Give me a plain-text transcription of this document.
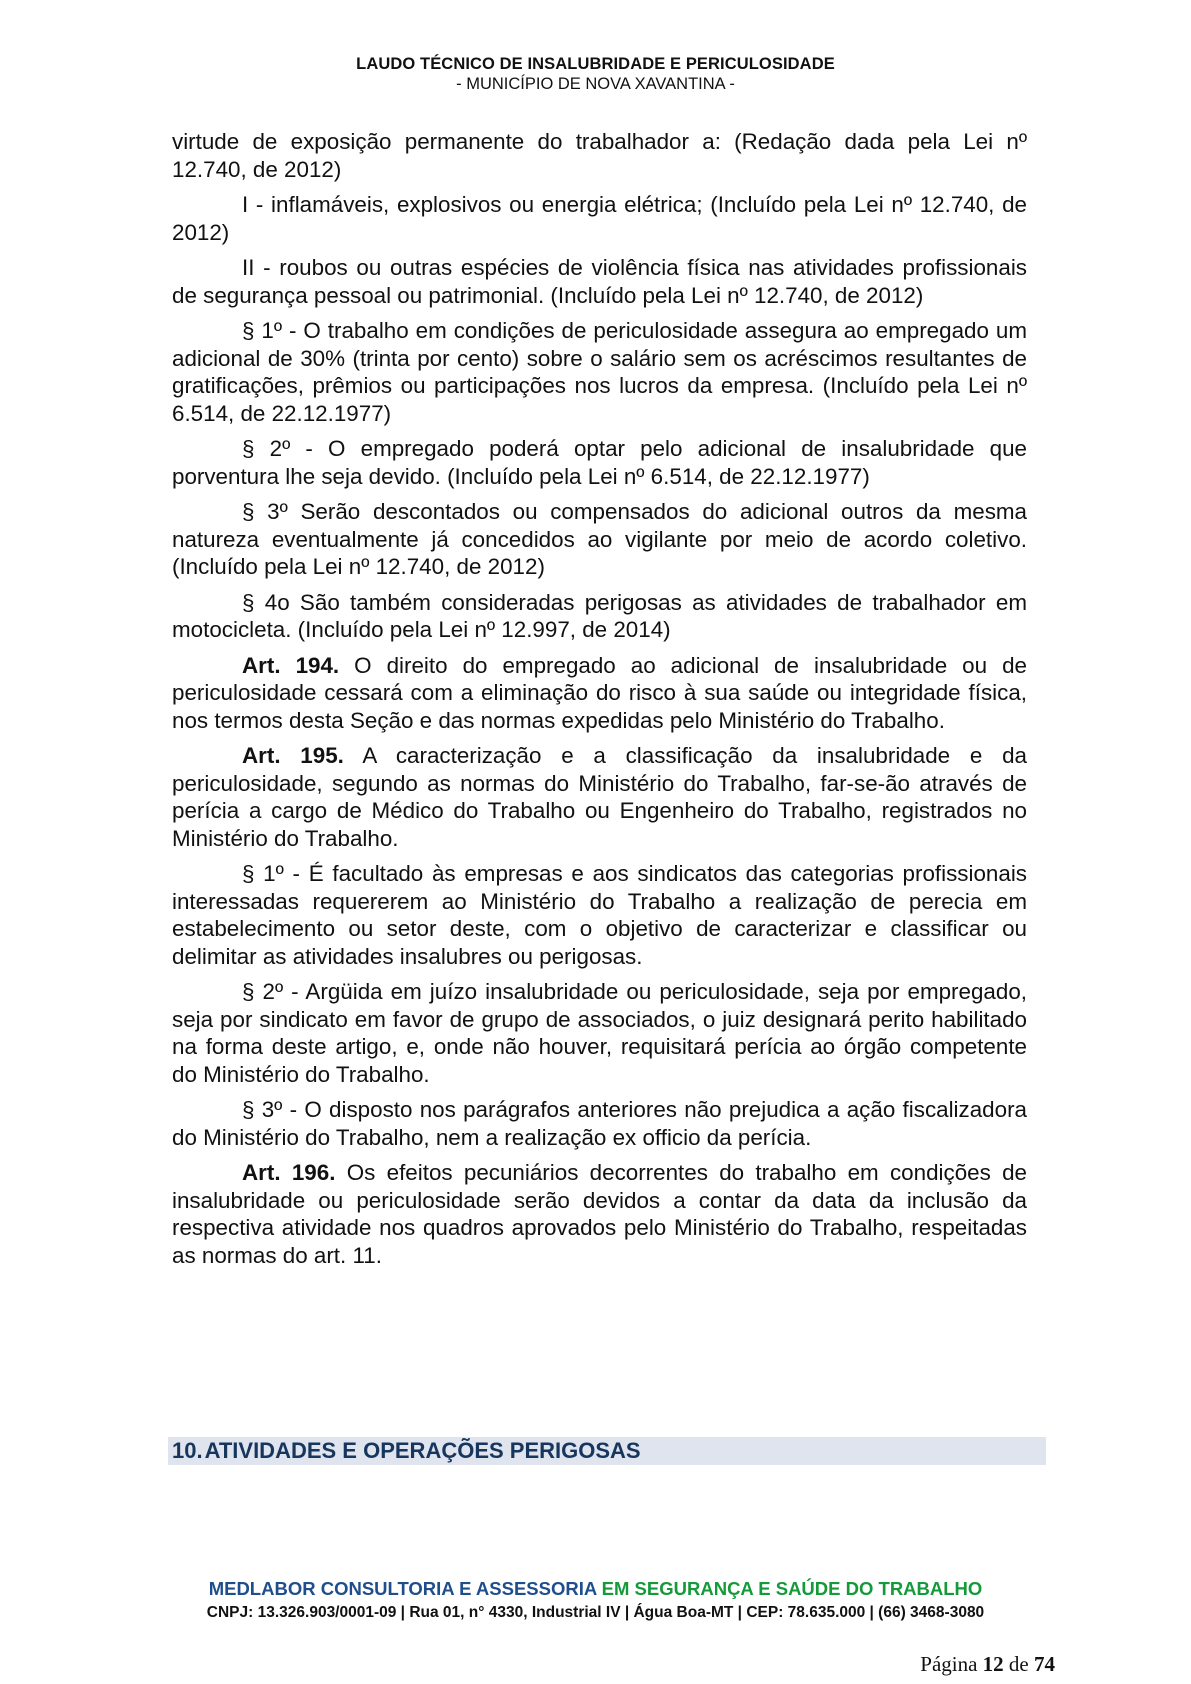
LAUDO TÉCNICO DE INSALUBRIDADE E PERICULOSIDADE
- MUNICÍPIO DE NOVA XAVANTINA -

virtude de exposição permanente do trabalhador a: (Redação dada pela Lei nº 12.740, de 2012)

I - inflamáveis, explosivos ou energia elétrica; (Incluído pela Lei nº 12.740, de 2012)

II - roubos ou outras espécies de violência física nas atividades profissionais de segurança pessoal ou patrimonial. (Incluído pela Lei nº 12.740, de 2012)

§ 1º - O trabalho em condições de periculosidade assegura ao empregado um adicional de 30% (trinta por cento) sobre o salário sem os acréscimos resultantes de gratificações, prêmios ou participações nos lucros da empresa. (Incluído pela Lei nº 6.514, de 22.12.1977)

§ 2º - O empregado poderá optar pelo adicional de insalubridade que porventura lhe seja devido. (Incluído pela Lei nº 6.514, de 22.12.1977)

§ 3º Serão descontados ou compensados do adicional outros da mesma natureza eventualmente já concedidos ao vigilante por meio de acordo coletivo. (Incluído pela Lei nº 12.740, de 2012)

§ 4o São também consideradas perigosas as atividades de trabalhador em motocicleta. (Incluído pela Lei nº 12.997, de 2014)

Art. 194. O direito do empregado ao adicional de insalubridade ou de periculosidade cessará com a eliminação do risco à sua saúde ou integridade física, nos termos desta Seção e das normas expedidas pelo Ministério do Trabalho.

Art. 195. A caracterização e a classificação da insalubridade e da periculosidade, segundo as normas do Ministério do Trabalho, far-se-ão através de perícia a cargo de Médico do Trabalho ou Engenheiro do Trabalho, registrados no Ministério do Trabalho.

§ 1º - É facultado às empresas e aos sindicatos das categorias profissionais interessadas requererem ao Ministério do Trabalho a realização de perecia em estabelecimento ou setor deste, com o objetivo de caracterizar e classificar ou delimitar as atividades insalubres ou perigosas.

§ 2º - Argüida em juízo insalubridade ou periculosidade, seja por empregado, seja por sindicato em favor de grupo de associados, o juiz designará perito habilitado na forma deste artigo, e, onde não houver, requisitará perícia ao órgão competente do Ministério do Trabalho.

§ 3º - O disposto nos parágrafos anteriores não prejudica a ação fiscalizadora do Ministério do Trabalho, nem a realização ex officio da perícia.

Art. 196. Os efeitos pecuniários decorrentes do trabalho em condições de insalubridade ou periculosidade serão devidos a contar da data da inclusão da respectiva atividade nos quadros aprovados pelo Ministério do Trabalho, respeitadas as normas do art. 11.

10.ATIVIDADES E OPERAÇÕES PERIGOSAS
MEDLABOR CONSULTORIA E ASSESSORIA EM SEGURANÇA E SAÚDE DO TRABALHO
CNPJ: 13.326.903/0001-09 | Rua 01, n° 4330, Industrial IV | Água Boa-MT | CEP: 78.635.000 | (66) 3468-3080
Página 12 de 74
